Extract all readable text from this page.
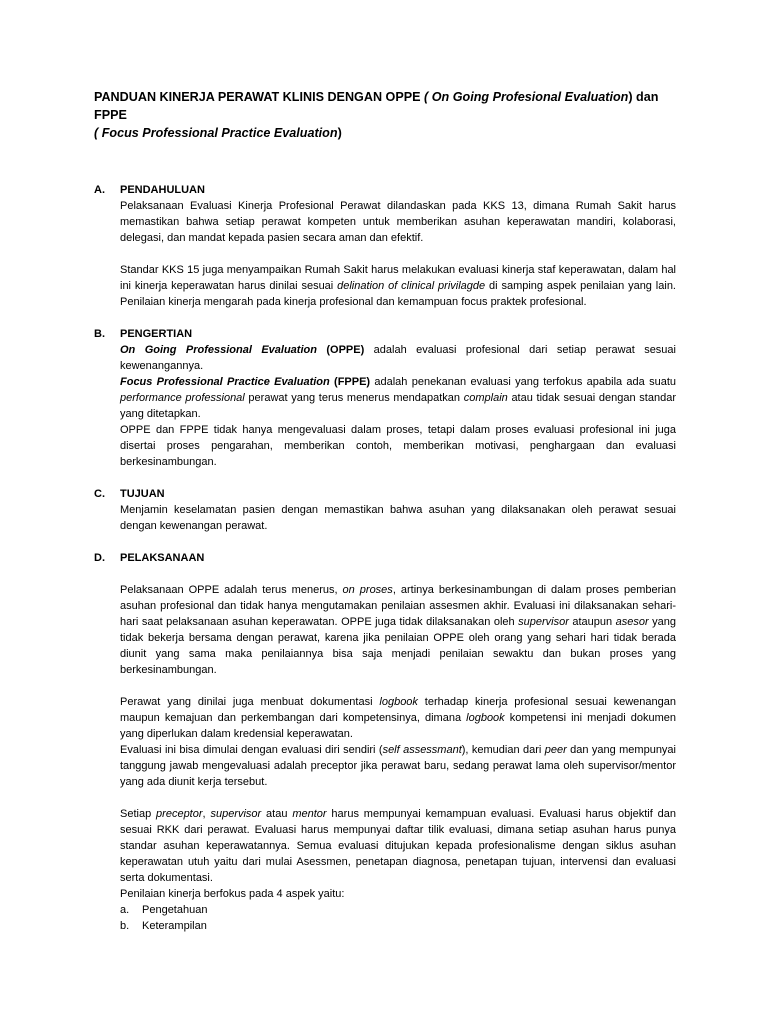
PANDUAN KINERJA PERAWAT KLINIS DENGAN OPPE ( On Going Profesional Evaluation) dan FPPE
( Focus Professional Practice Evaluation)

A.	PENDAHULUAN

Pelaksanaan Evaluasi Kinerja Profesional Perawat dilandaskan pada KKS 13, dimana Rumah Sakit harus memastikan bahwa setiap perawat kompeten untuk memberikan asuhan keperawatan mandiri, kolaborasi, delegasi, dan mandat kepada pasien secara aman dan efektif.

Standar KKS 15 juga menyampaikan Rumah Sakit harus melakukan evaluasi kinerja staf keperawatan, dalam hal ini kinerja keperawatan harus dinilai sesuai delination of clinical privilagde di samping aspek penilaian yang lain. Penilaian kinerja mengarah pada kinerja profesional dan kemampuan focus praktek profesional.

B.	PENGERTIAN

On Going Professional Evaluation (OPPE) adalah evaluasi profesional dari setiap perawat sesuai kewenangannya.

Focus Professional Practice Evaluation (FPPE) adalah penekanan evaluasi yang terfokus apabila ada suatu performance professional perawat yang terus menerus mendapatkan complain atau tidak sesuai dengan standar yang ditetapkan.

OPPE dan FPPE tidak hanya mengevaluasi dalam proses, tetapi dalam proses evaluasi profesional ini juga disertai proses pengarahan, memberikan contoh, memberikan motivasi, penghargaan dan evaluasi berkesinambungan.

C.	TUJUAN

Menjamin keselamatan pasien dengan memastikan bahwa asuhan yang dilaksanakan oleh perawat sesuai dengan kewenangan perawat.

D.	PELAKSANAAN

Pelaksanaan OPPE adalah terus menerus, on proses, artinya berkesinambungan di dalam proses pemberian asuhan profesional dan tidak hanya mengutamakan penilaian assesmen akhir. Evaluasi ini dilaksanakan sehari-hari saat pelaksanaan asuhan keperawatan. OPPE juga tidak dilaksanakan oleh supervisor ataupun asesor yang tidak bekerja bersama dengan perawat, karena jika penilaian OPPE oleh orang yang sehari hari tidak berada diunit yang sama maka penilaiannya bisa saja menjadi penilaian sewaktu dan bukan proses yang berkesinambungan.

Perawat yang dinilai juga menbuat dokumentasi logbook terhadap kinerja profesional sesuai kewenangan maupun kemajuan dan perkembangan dari kompetensinya, dimana logbook kompetensi ini menjadi dokumen yang diperlukan dalam kredensial keperawatan.

Evaluasi ini bisa dimulai dengan evaluasi diri sendiri (self assessmant), kemudian dari peer dan yang mempunyai tanggung jawab mengevaluasi adalah preceptor jika perawat baru, sedang perawat lama oleh supervisor/mentor yang ada diunit kerja tersebut.

Setiap preceptor, supervisor atau mentor harus mempunyai kemampuan evaluasi. Evaluasi harus objektif dan sesuai RKK dari perawat. Evaluasi harus mempunyai daftar tilik evaluasi, dimana setiap asuhan harus punya standar asuhan keperawatannya. Semua evaluasi ditujukan kepada profesionalisme dengan siklus asuhan keperawatan utuh yaitu dari mulai Asessmen, penetapan diagnosa, penetapan tujuan, intervensi dan evaluasi serta dokumentasi.

Penilaian kinerja berfokus pada 4 aspek yaitu:

a.	Pengetahuan
b.	Keterampilan
